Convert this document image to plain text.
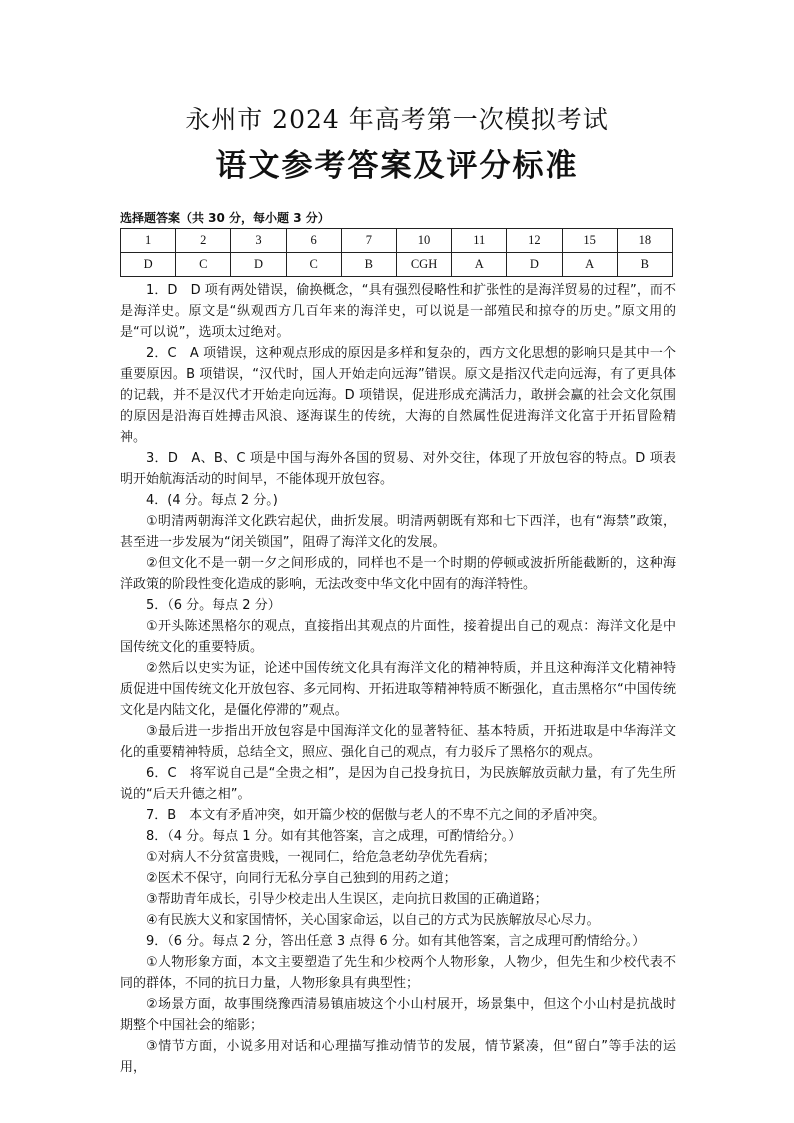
永州市 2024 年高考第一次模拟考试
语文参考答案及评分标准
选择题答案（共 30 分，每小题 3 分）
1	2	3	6	7	10	11	12	15	18
D	C	D	C	B	CGH	A	D	A	B

1．D　D 项有两处错误，偷换概念，“具有强烈侵略性和扩张性的是海洋贸易的过程”，而不是海洋史。原文是“纵观西方几百年来的海洋史，可以说是一部殖民和掠夺的历史。”原文用的是“可以说”，选项太过绝对。

2．C　A 项错误，这种观点形成的原因是多样和复杂的，西方文化思想的影响只是其中一个重要原因。B 项错误，“汉代时，国人开始走向远海”错误。原文是指汉代走向远海，有了更具体的记载，并不是汉代才开始走向远海。D 项错误，促进形成充满活力，敢拼会赢的社会文化氛围的原因是沿海百姓搏击风浪、逐海谋生的传统，大海的自然属性促进海洋文化富于开拓冒险精神。

3．D　A、B、C 项是中国与海外各国的贸易、对外交往，体现了开放包容的特点。D 项表明开始航海活动的时间早，不能体现开放包容。

4．(4 分。每点 2 分。)

①明清两朝海洋文化跌宕起伏，曲折发展。明清两朝既有郑和七下西洋，也有“海禁”政策，甚至进一步发展为“闭关锁国”，阻碍了海洋文化的发展。

②但文化不是一朝一夕之间形成的，同样也不是一个时期的停顿或波折所能截断的，这种海洋政策的阶段性变化造成的影响，无法改变中华文化中固有的海洋特性。

5．（6 分。每点 2 分）

①开头陈述黑格尔的观点，直接指出其观点的片面性，接着提出自己的观点：海洋文化是中国传统文化的重要特质。

②然后以史实为证，论述中国传统文化具有海洋文化的精神特质，并且这种海洋文化精神特质促进中国传统文化开放包容、多元同构、开拓进取等精神特质不断强化，直击黑格尔“中国传统文化是内陆文化，是僵化停滞的”观点。

③最后进一步指出开放包容是中国海洋文化的显著特征、基本特质，开拓进取是中华海洋文化的重要精神特质，总结全文，照应、强化自己的观点，有力驳斥了黑格尔的观点。

6．C　将军说自己是“全贵之相”，是因为自己投身抗日，为民族解放贡献力量，有了先生所说的“后天升德之相”。

7．B　本文有矛盾冲突，如开篇少校的倨傲与老人的不卑不亢之间的矛盾冲突。

8．（4 分。每点 1 分。如有其他答案，言之成理，可酌情给分。）

①对病人不分贫富贵贱，一视同仁，给危急老幼孕优先看病；

②医术不保守，向同行无私分享自己独到的用药之道；

③帮助青年成长，引导少校走出人生误区，走向抗日救国的正确道路；

④有民族大义和家国情怀，关心国家命运，以自己的方式为民族解放尽心尽力。

9．（6 分。每点 2 分，答出任意 3 点得 6 分。如有其他答案，言之成理可酌情给分。）

①人物形象方面，本文主要塑造了先生和少校两个人物形象，人物少，但先生和少校代表不同的群体，不同的抗日力量，人物形象具有典型性；

②场景方面，故事围绕豫西清易镇庙坡这个小山村展开，场景集中，但这个小山村是抗战时期整个中国社会的缩影；

③情节方面，小说多用对话和心理描写推动情节的发展，情节紧凑，但“留白”等手法的运用，
